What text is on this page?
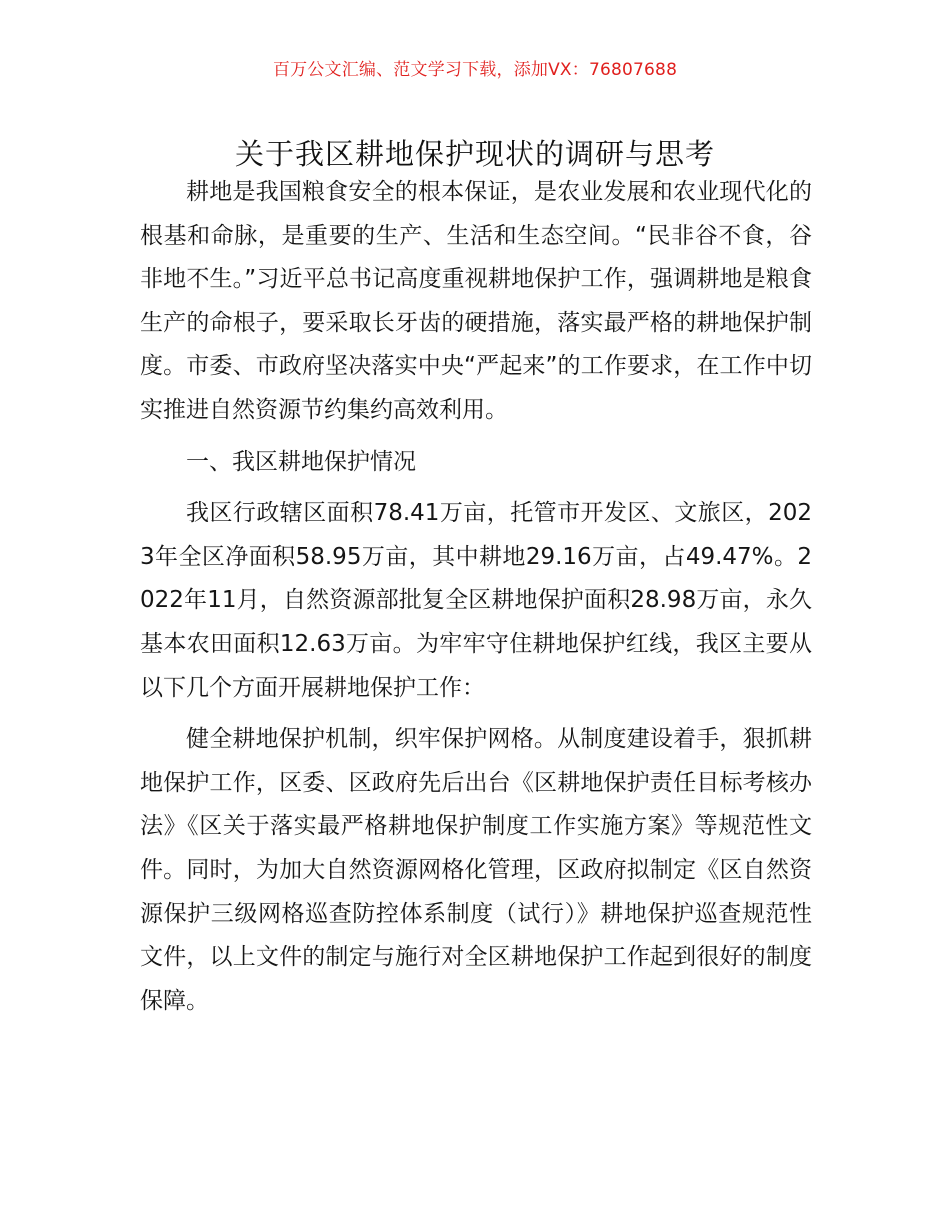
百万公文汇编、范文学习下载，添加VX：76807688
关于我区耕地保护现状的调研与思考

耕地是我国粮食安全的根本保证，是农业发展和农业现代化的根基和命脉，是重要的生产、生活和生态空间。“民非谷不食，谷非地不生。”习近平总书记高度重视耕地保护工作，强调耕地是粮食生产的命根子，要采取长牙齿的硬措施，落实最严格的耕地保护制度。市委、市政府坚决落实中央“严起来”的工作要求，在工作中切实推进自然资源节约集约高效利用。

一、我区耕地保护情况

我区行政辖区面积78.41万亩，托管市开发区、文旅区，2023年全区净面积58.95万亩，其中耕地29.16万亩，占49.47%。2022年11月，自然资源部批复全区耕地保护面积28.98万亩，永久基本农田面积12.63万亩。为牢牢守住耕地保护红线，我区主要从以下几个方面开展耕地保护工作：

健全耕地保护机制，织牢保护网格。从制度建设着手，狠抓耕地保护工作，区委、区政府先后出台《区耕地保护责任目标考核办法》《区关于落实最严格耕地保护制度工作实施方案》等规范性文件。同时，为加大自然资源网格化管理，区政府拟制定《区自然资源保护三级网格巡查防控体系制度（试行）》耕地保护巡查规范性文件，以上文件的制定与施行对全区耕地保护工作起到很好的制度保障。
